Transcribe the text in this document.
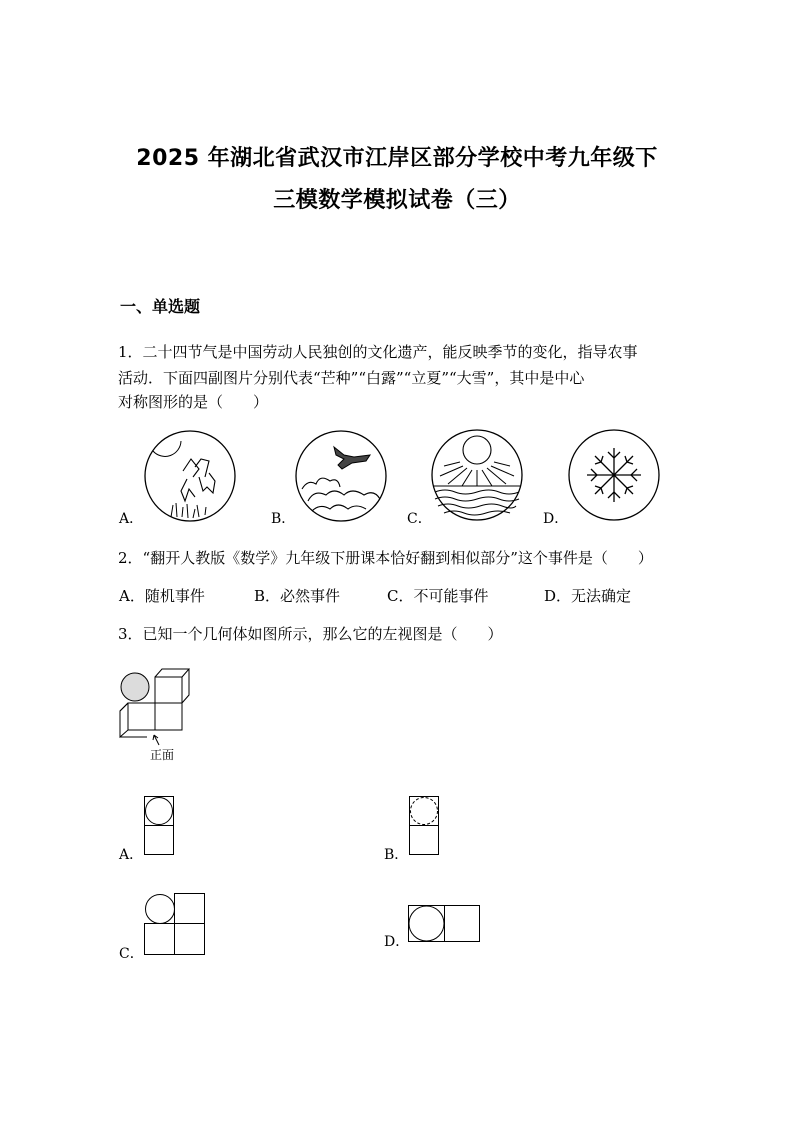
2025 年湖北省武汉市江岸区部分学校中考九年级下
三模数学模拟试卷（三）
一、单选题
1．二十四节气是中国劳动人民独创的文化遗产，能反映季节的变化，指导农事
活动．下面四副图片分别代表“芒种”“白露”“立夏”“大雪”，其中是中心
对称图形的是（　　）
A．	B．	C．	D．
2．“翻开人教版《数学》九年级下册课本恰好翻到相似部分”这个事件是（　　）
A．随机事件	B．必然事件	C．不可能事件	D．无法确定
3．已知一个几何体如图所示，那么它的左视图是（　　）
正面
A．	B．
C．
D．
